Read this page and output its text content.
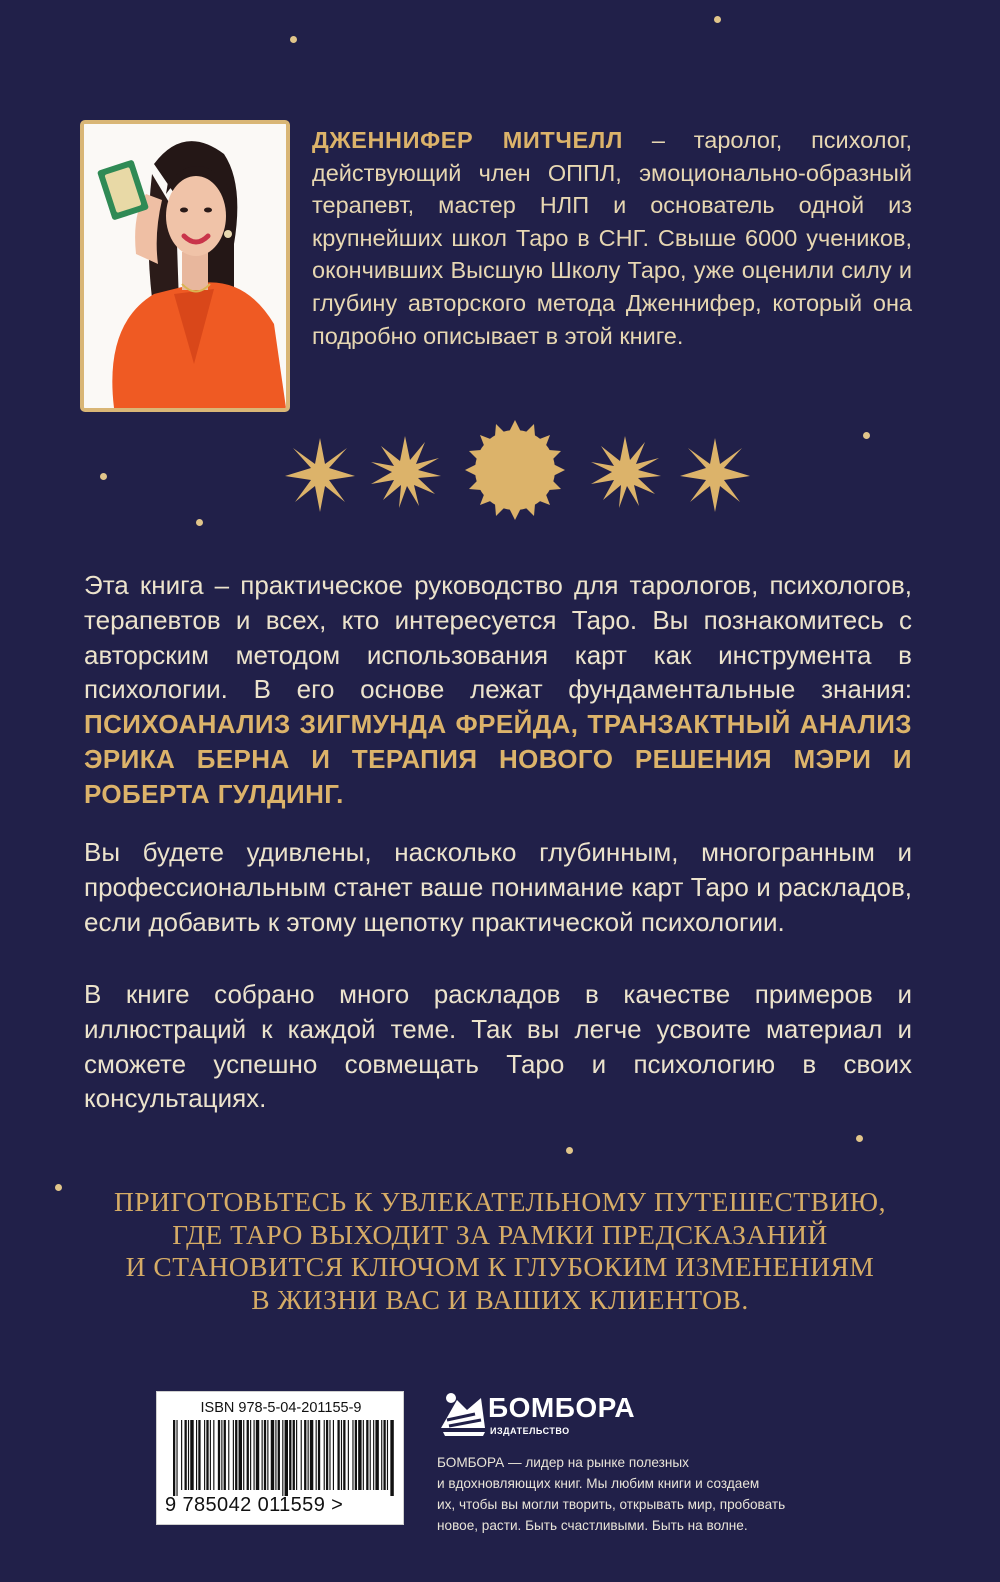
ДЖЕННИФЕР МИТЧЕЛЛ – таролог, психолог, действующий член ОППЛ, эмоционально-образный терапевт, мастер НЛП и основатель одной из крупнейших школ Таро в СНГ. Свыше 6000 учеников, окончивших Высшую Школу Таро, уже оценили силу и глубину авторского метода Дженнифер, который она подробно описывает в этой книге.

Эта книга – практическое руководство для тарологов, психологов, терапевтов и всех, кто интересуется Таро. Вы познакомитесь с авторским методом использования карт как инструмента в психологии. В его основе лежат фундаментальные знания: ПСИХОАНАЛИЗ ЗИГМУНДА ФРЕЙДА, ТРАНЗАКТНЫЙ АНАЛИЗ ЭРИКА БЕРНА И ТЕРАПИЯ НОВОГО РЕШЕНИЯ МЭРИ И РОБЕРТА ГУЛДИНГ.

Вы будете удивлены, насколько глубинным, многогранным и профессиональным станет ваше понимание карт Таро и раскладов, если добавить к этому щепотку практической психологии.

В книге собрано много раскладов в качестве примеров и иллюстраций к каждой теме. Так вы легче усвоите материал и сможете успешно совмещать Таро и психологию в своих консультациях.

ПРИГОТОВЬТЕСЬ К УВЛЕКАТЕЛЬНОМУ ПУТЕШЕСТВИЮ,
ГДЕ ТАРО ВЫХОДИТ ЗА РАМКИ ПРЕДСКАЗАНИЙ
И СТАНОВИТСЯ КЛЮЧОМ К ГЛУБОКИМ ИЗМЕНЕНИЯМ
В ЖИЗНИ ВАС И ВАШИХ КЛИЕНТОВ.
ISBN 978-5-04-201155-9
9 785042 011559 >

БОМБОРА

ИЗДАТЕЛЬСТВО

БОМБОРА — лидер на рынке полезных
и вдохновляющих книг. Мы любим книги и создаем
их, чтобы вы могли творить, открывать мир, пробовать
новое, расти. Быть счастливыми. Быть на волне.
